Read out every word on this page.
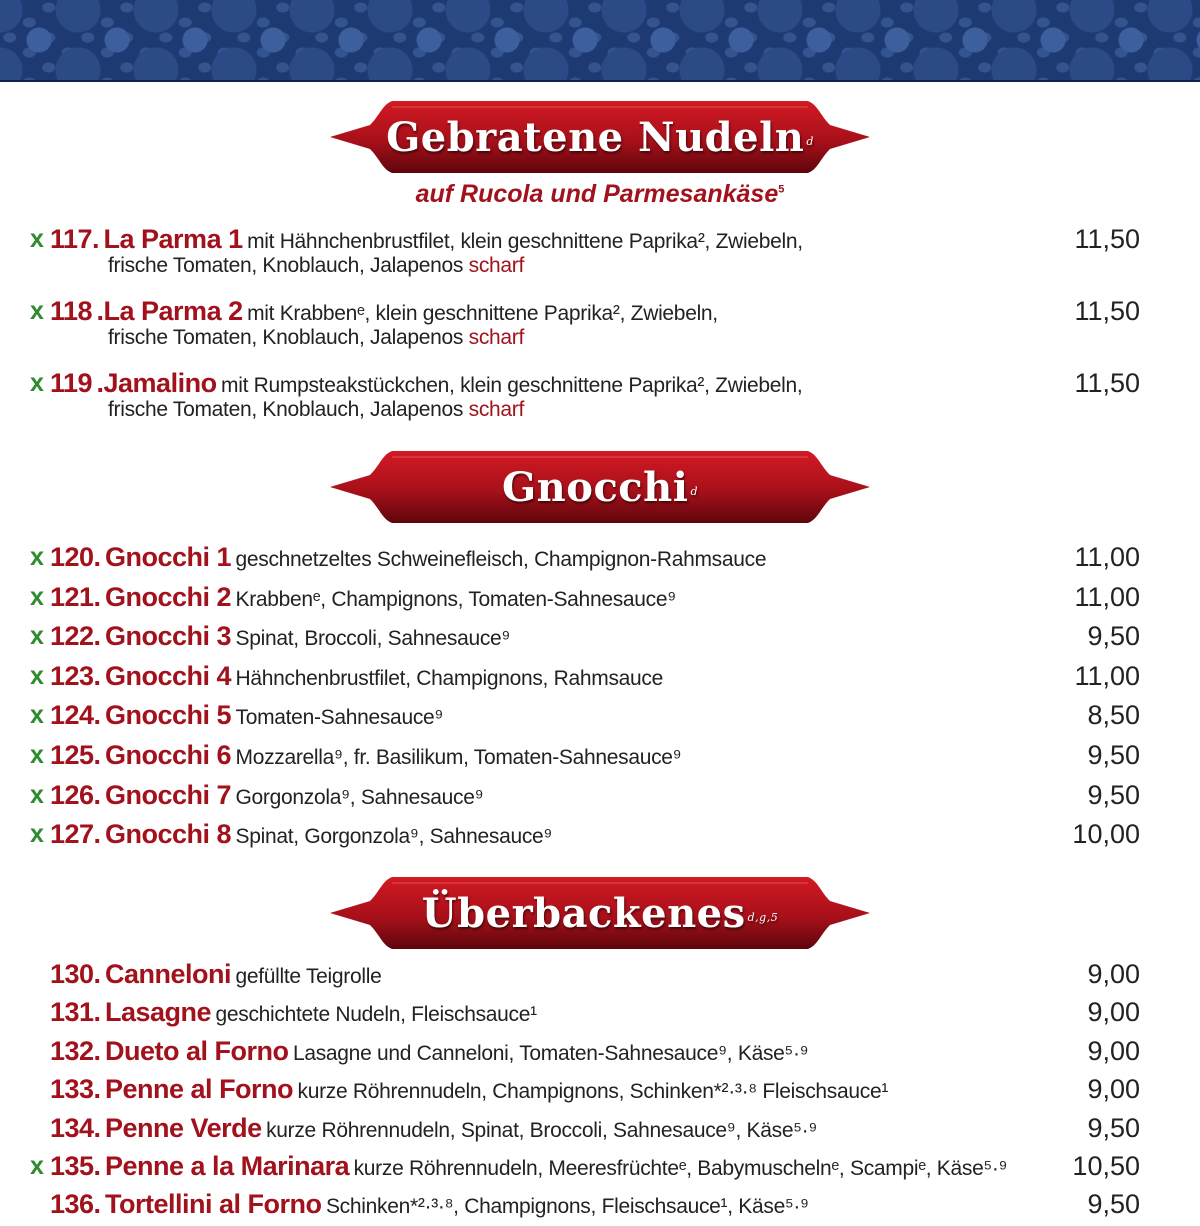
Gebratene Nudeln$^d$
auf Rucola und Parmesankäse$^5$
x 117. La Parma 1 mit Hähnchenbrustfilet, klein geschnittene Paprika², Zwiebeln,
frische Tomaten, Knoblauch, Jalapenos scharf
11,50
x 118 .La Parma 2 mit Krabbenᵉ, klein geschnittene Paprika², Zwiebeln,
frische Tomaten, Knoblauch, Jalapenos scharf
11,50
x 119 .Jamalino mit Rumpsteakstückchen, klein geschnittene Paprika², Zwiebeln,
frische Tomaten, Knoblauch, Jalapenos scharf
11,50
Gnocchi$^d$
x 120. Gnocchi 1 geschnetzeltes Schweinefleisch, Champignon-Rahmsauce	11,00
x 121. Gnocchi 2 Krabbenᵉ, Champignons, Tomaten-Sahnesauce⁹	11,00
x 122. Gnocchi 3 Spinat, Broccoli, Sahnesauce⁹	9,50
x 123. Gnocchi 4 Hähnchenbrustfilet, Champignons, Rahmsauce	11,00
x 124. Gnocchi 5 Tomaten-Sahnesauce⁹	8,50
x 125. Gnocchi 6 Mozzarella⁹, fr. Basilikum, Tomaten-Sahnesauce⁹	9,50
x 126. Gnocchi 7 Gorgonzola⁹, Sahnesauce⁹	9,50
x 127. Gnocchi 8 Spinat, Gorgonzola⁹, Sahnesauce⁹	10,00
Überbackenes$^{d,g,5}$
130. Canneloni gefüllte Teigrolle	9,00
131. Lasagne geschichtete Nudeln, Fleischsauce¹	9,00
132. Dueto al Forno Lasagne und Canneloni, Tomaten-Sahnesauce⁹, Käse⁵·⁹	9,00
133. Penne al Forno kurze Röhrennudeln, Champignons, Schinken*²·³·⁸ Fleischsauce¹	9,00
134. Penne Verde kurze Röhrennudeln, Spinat, Broccoli, Sahnesauce⁹, Käse⁵·⁹	9,50
x 135. Penne a la Marinara kurze Röhrennudeln, Meeresfrüchteᵉ, Babymuschelnᵉ, Scampiᵉ, Käse⁵·⁹ 10,50
136. Tortellini al Forno Schinken*²·³·⁸, Champignons, Fleischsauce¹, Käse⁵·⁹	9,50
